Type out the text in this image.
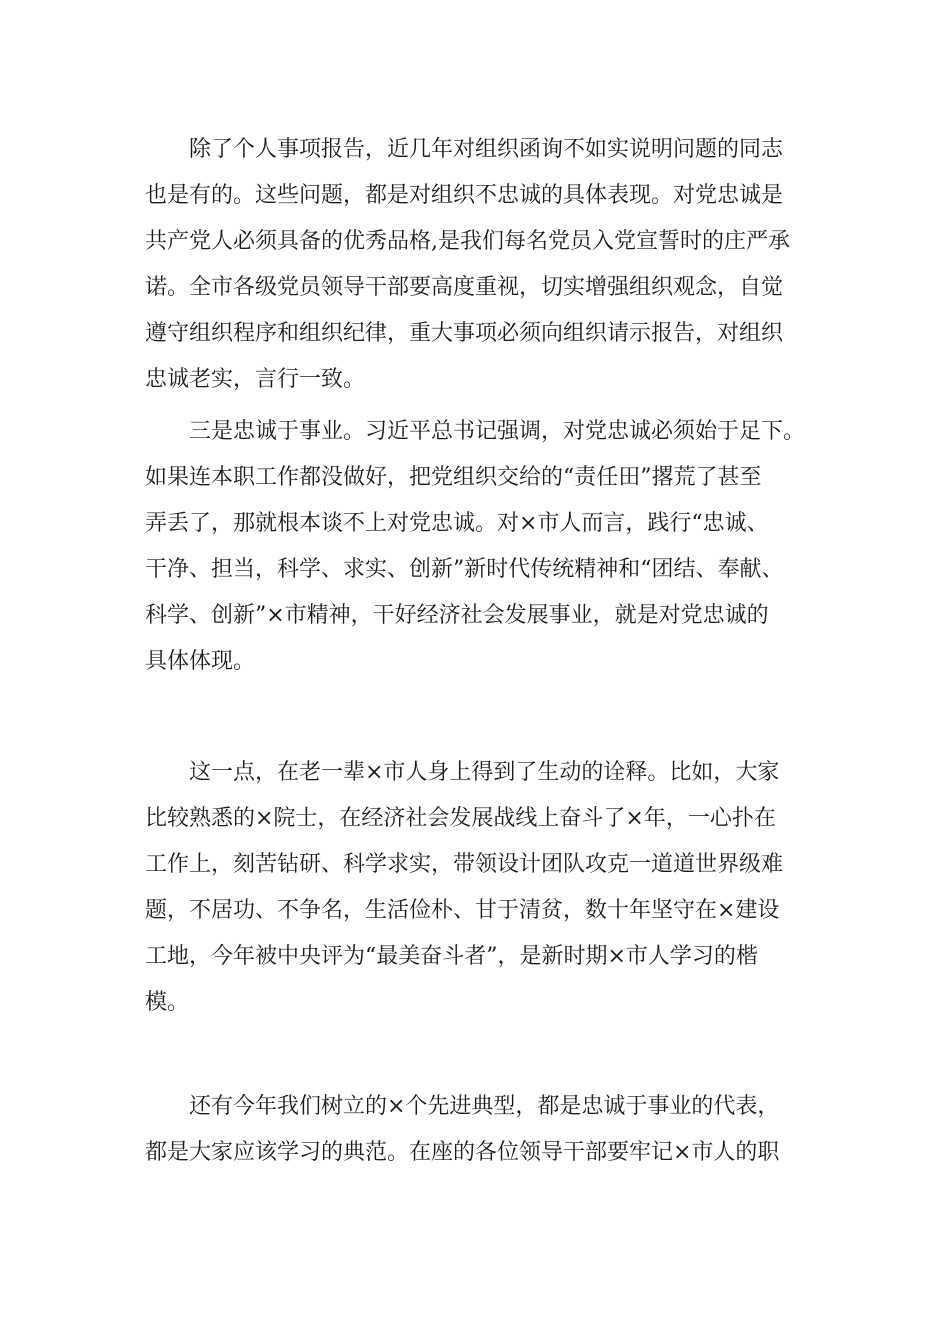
除了个人事项报告，近几年对组织函询不如实说明问题的同志
也是有的。这些问题，都是对组织不忠诚的具体表现。对党忠诚是
共产党人必须具备的优秀品格,是我们每名党员入党宣誓时的庄严承
诺。全市各级党员领导干部要高度重视，切实增强组织观念，自觉
遵守组织程序和组织纪律，重大事项必须向组织请示报告，对组织
忠诚老实，言行一致。
三是忠诚于事业。习近平总书记强调，对党忠诚必须始于足下。
如果连本职工作都没做好，把党组织交给的“责任田”撂荒了甚至
弄丢了，那就根本谈不上对党忠诚。对×市人而言，践行“忠诚、
干净、担当，科学、求实、创新”新时代传统精神和“团结、奉献、
科学、创新”×市精神，干好经济社会发展事业，就是对党忠诚的
具体体现。
这一点，在老一辈×市人身上得到了生动的诠释。比如，大家
比较熟悉的×院士，在经济社会发展战线上奋斗了×年，一心扑在
工作上，刻苦钻研、科学求实，带领设计团队攻克一道道世界级难
题，不居功、不争名，生活俭朴、甘于清贫，数十年坚守在×建设
工地，今年被中央评为“最美奋斗者”，是新时期×市人学习的楷
模。
还有今年我们树立的×个先进典型，都是忠诚于事业的代表，
都是大家应该学习的典范。在座的各位领导干部要牢记×市人的职
